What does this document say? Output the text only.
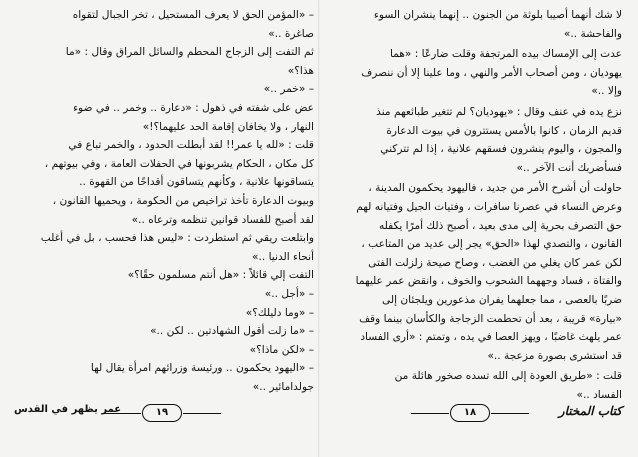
لا شك أنهما أصيبا بلوثة من الجنون .. إنهما ينشران السوء
والفاحشة ..»
عدت إلى الإمساك بيده المرتجفة وقلت ضارعًا : «هما
يهوديان ، ومن أصحاب الأمر والنهي ، وما علينا إلا أن ننصرف
وإلا ..»
نزع يده في عنف وقال : «يهوديان؟ لم تتغير طبائعهم منذ
قديم الزمان ، كانوا بالأمس يستترون في بيوت الدعارة
والمجون ، واليوم ينشرون فسقهم علانية ، إذا لم تتركني
فسأضربك أنت الآخر ..»
حاولت أن أشرح الأمر من جديد ، فاليهود يحكمون المدينة ،
وعرض النساء في عصرنا سافرات ، وفتيات الجيل وفتيانه لهم
حق التصرف بحرية إلى مدى بعيد ، أصبح ذلك أمرًا يكفله
القانون ، والتصدي لهذا «الحق» يجر إلى عديد من المتاعب ،
لكن عمر كان يغلي من الغضب ، وصاح صيحة زلزلت الفتى
والفتاة ، فساد وجههما الشحوب والخوف ، وانقض عمر عليهما
ضربًا بالعصى ، مما جعلهما يفران مذعورين ويلجئان إلى
«بيارة» قريبة ، بعد أن تحطمت الزجاجة والكأسان بينما وقف
عمر يلهث غاضبًا ، ويهز العصا في يده ، وتمتم : «أرى الفساد
قد استشرى بصورة مزعجة ..»
قلت : «طريق العودة إلى الله تسده صخور هائلة من
الفساد ..»
كتاب المختار
١٨
– «المؤمن الحق لا يعرف المستحيل ، تخر الجبال لتقواه
صاغرة ..»
ثم التفت إلى الزجاج المحطم والسائل المراق وقال : «ما
هذا؟»
– «خمر ..»
عض على شفته في ذهول : «دعارة .. وخمر .. في ضوء
النهار ، ولا يخافان إقامة الحد عليهما؟!»
قلت : «لله يا عمر!! لقد أبطلت الحدود ، والخمر تباع في
كل مكان ، الحكام يشربونها في الحفلات العامة ، وفي بيوتهم ،
يتساقونها علانية ، وكأنهم يتساقون أقداحًا من القهوة ..
وبيوت الدعارة تأخذ تراخيص من الحكومة ، ويحميها القانون ،
لقد أصبح للفساد قوانين تنظمه وترعاه ..»
وابتلعت ريقي ثم استطردت : «ليس هذا فحسب ، بل في أغلب
أنحاء الدنيا ..»
التفت إلي قائلاً : «هل أنتم مسلمون حقًا؟»
– «أجل ..»
– «وما دليلك؟»
– «ما زلت أقول الشهادتين .. لكن ..»
– «لكن ماذا؟»
– «اليهود يحكمون .. ورئيسة وزرائهم امرأة يقال لها
جولدامائير ..»
١٩
عمر يظهر في القدس
